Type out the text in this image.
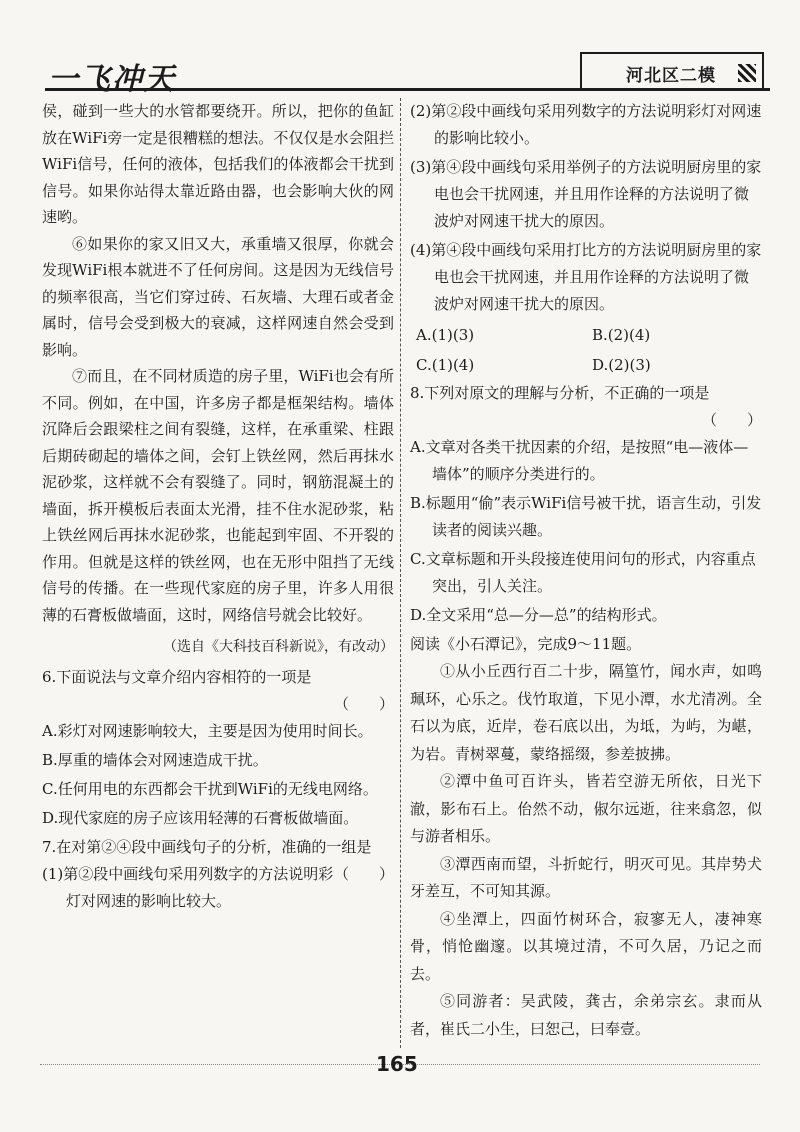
一飞冲天	河北区二模

侯，碰到一些大的水管都要绕开。所以，把你的鱼缸放在WiFi旁一定是很糟糕的想法。不仅仅是水会阻拦WiFi信号，任何的液体，包括我们的体液都会干扰到信号。如果你站得太靠近路由器，也会影响大伙的网速哟。

⑥如果你的家又旧又大，承重墙又很厚，你就会发现WiFi根本就进不了任何房间。这是因为无线信号的频率很高，当它们穿过砖、石灰墙、大理石或者金属时，信号会受到极大的衰减，这样网速自然会受到影响。

⑦而且，在不同材质造的房子里，WiFi也会有所不同。例如，在中国，许多房子都是框架结构。墙体沉降后会跟梁柱之间有裂缝，这样，在承重梁、柱跟后期砖砌起的墙体之间，会钉上铁丝网，然后再抹水泥砂浆，这样就不会有裂缝了。同时，钢筋混凝土的墙面，拆开模板后表面太光滑，挂不住水泥砂浆，粘上铁丝网后再抹水泥砂浆，也能起到牢固、不开裂的作用。但就是这样的铁丝网，也在无形中阻挡了无线信号的传播。在一些现代家庭的房子里，许多人用很薄的石膏板做墙面，这时，网络信号就会比较好。

（选自《大科技百科新说》，有改动）

6.下面说法与文章介绍内容相符的一项是

（　　）

A.彩灯对网速影响较大，主要是因为使用时间长。

B.厚重的墙体会对网速造成干扰。

C.任何用电的东西都会干扰到WiFi的无线电网络。

D.现代家庭的房子应该用轻薄的石膏板做墙面。

7.在对第②④段中画线句子的分析，准确的一组是
（　　）

(1)第②段中画线句采用列数字的方法说明彩灯对网速的影响比较大。

(2)第②段中画线句采用列数字的方法说明彩灯对网速的影响比较小。

(3)第④段中画线句采用举例子的方法说明厨房里的家电也会干扰网速，并且用作诠释的方法说明了微波炉对网速干扰大的原因。

(4)第④段中画线句采用打比方的方法说明厨房里的家电也会干扰网速，并且用作诠释的方法说明了微波炉对网速干扰大的原因。

A.(1)(3)	B.(2)(4)
C.(1)(4)	D.(2)(3)

8.下列对原文的理解与分析，不正确的一项是

（　　）

A.文章对各类干扰因素的介绍，是按照“电—液体—墙体”的顺序分类进行的。

B.标题用“偷”表示WiFi信号被干扰，语言生动，引发读者的阅读兴趣。

C.文章标题和开头段接连使用问句的形式，内容重点突出，引人关注。

D.全文采用“总—分—总”的结构形式。

阅读《小石潭记》，完成9～11题。

①从小丘西行百二十步，隔篁竹，闻水声，如鸣珮环，心乐之。伐竹取道，下见小潭，水尤清冽。全石以为底，近岸，卷石底以出，为坻，为屿，为嵁，为岩。青树翠蔓，蒙络摇缀，参差披拂。

②潭中鱼可百许头，皆若空游无所依，日光下澈，影布石上。佁然不动，俶尔远逝，往来翕忽，似与游者相乐。

③潭西南而望，斗折蛇行，明灭可见。其岸势犬牙差互，不可知其源。

④坐潭上，四面竹树环合，寂寥无人，凄神寒骨，悄怆幽邃。以其境过清，不可久居，乃记之而去。

⑤同游者：吴武陵，龚古，余弟宗玄。隶而从者，崔氏二小生，曰恕己，曰奉壹。

165
